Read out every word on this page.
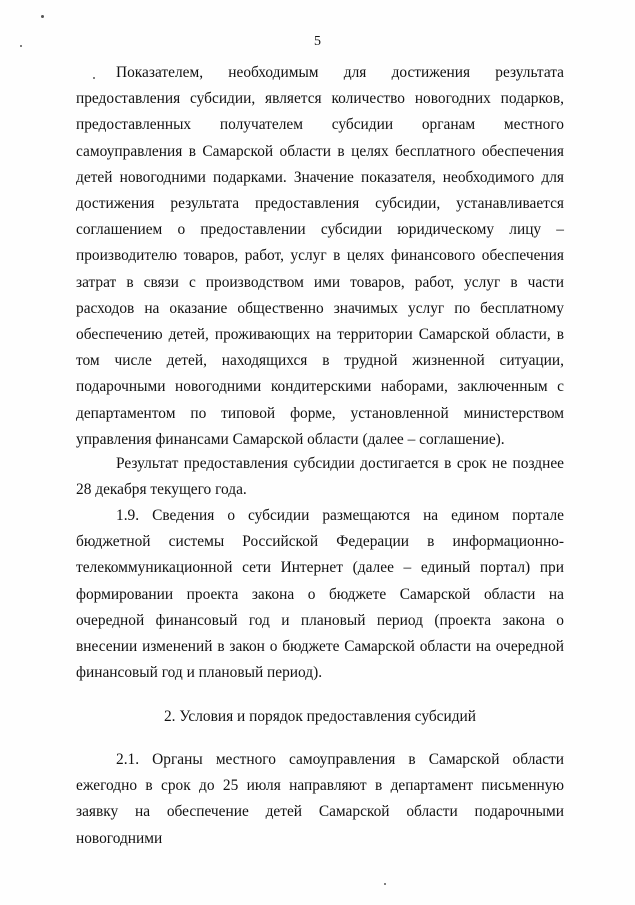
5

Показателем, необходимым для достижения результата предоставления субсидии, является количество новогодних подарков, предоставленных получателем субсидии органам местного самоуправления в Самарской области в целях бесплатного обеспечения детей новогодними подарками. Значение показателя, необходимого для достижения результата предоставления субсидии, устанавливается соглашением о предоставлении субсидии юридическому лицу – производителю товаров, работ, услуг в целях финансового обеспечения затрат в связи с производством ими товаров, работ, услуг в части расходов на оказание общественно значимых услуг по бесплатному обеспечению детей, проживающих на территории Самарской области, в том числе детей, находящихся в трудной жизненной ситуации, подарочными новогодними кондитерскими наборами, заключенным с департаментом по типовой форме, установленной министерством управления финансами Самарской области (далее – соглашение).

Результат предоставления субсидии достигается в срок не позднее 28 декабря текущего года.

1.9. Сведения о субсидии размещаются на едином портале бюджетной системы Российской Федерации в информационно-телекоммуникационной сети Интернет (далее – единый портал) при формировании проекта закона о бюджете Самарской области на очередной финансовый год и плановый период (проекта закона о внесении изменений в закон о бюджете Самарской области на очередной финансовый год и плановый период).

2. Условия и порядок предоставления субсидий

2.1. Органы местного самоуправления в Самарской области ежегодно в срок до 25 июля направляют в департамент письменную заявку на обеспечение детей Самарской области подарочными новогодними
